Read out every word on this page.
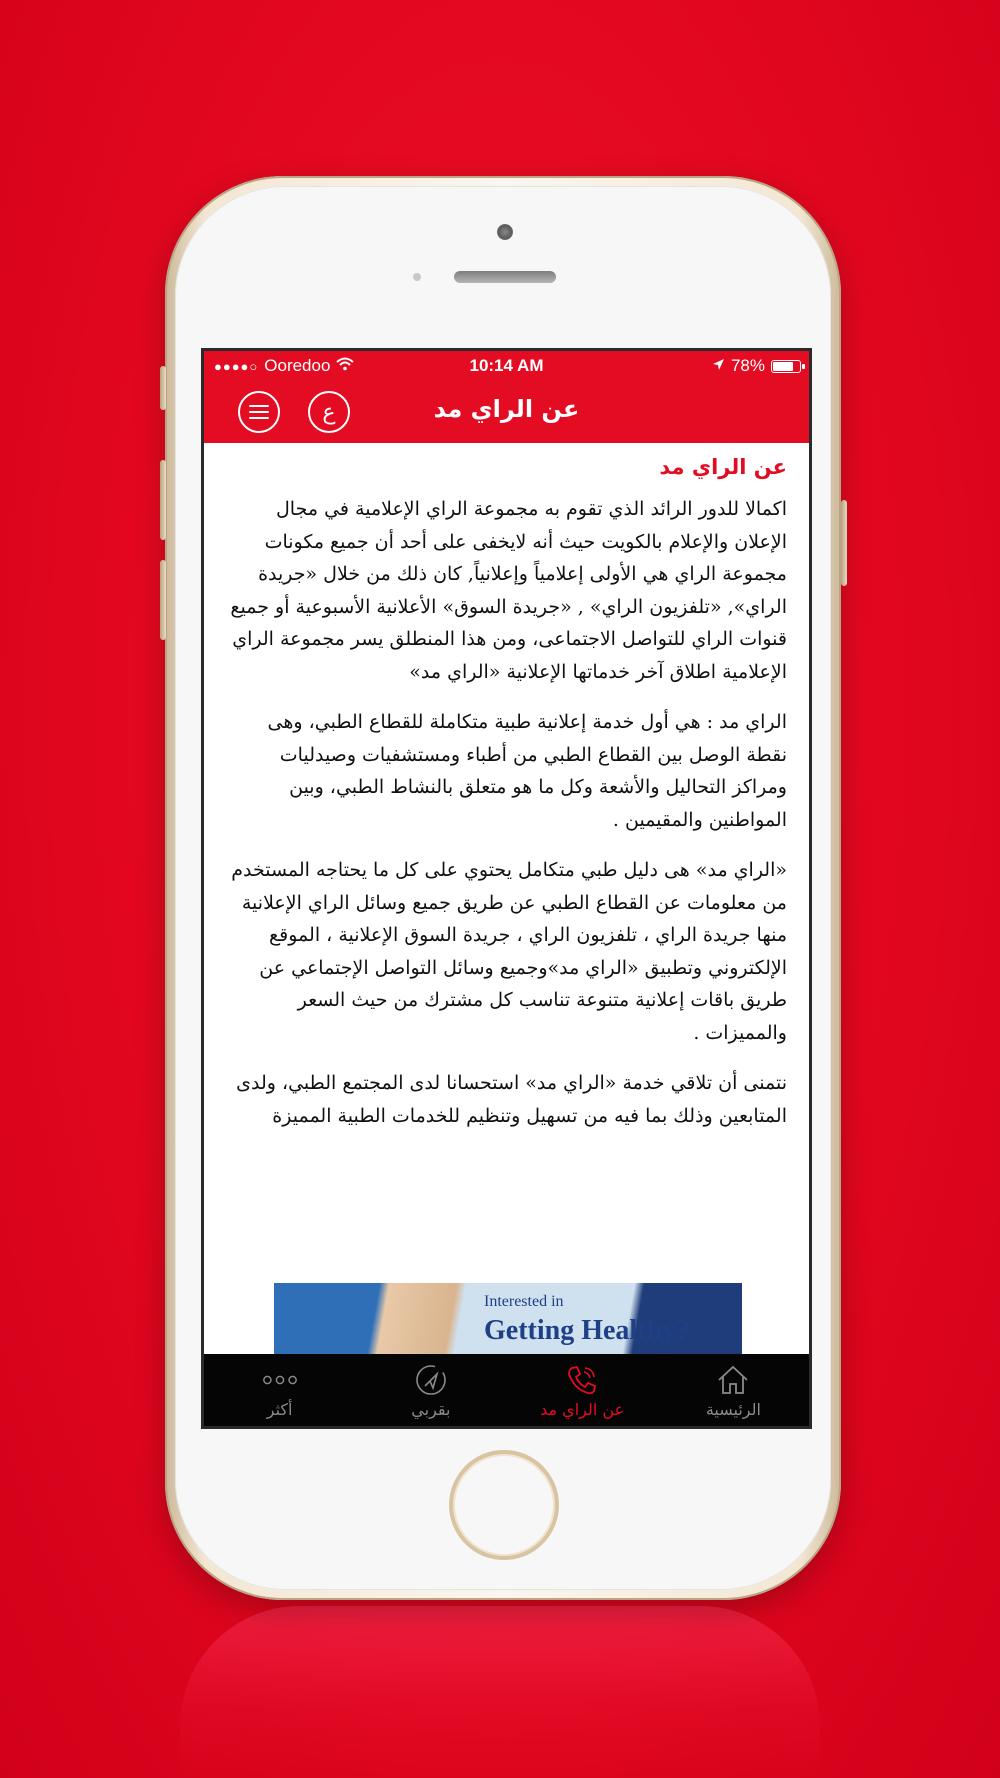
●●●●○ Ooredoo	10:14 AM	78%
ع	عن الراي مد
عن الراي مد

اكمالا للدور الرائد الذي تقوم به مجموعة الراي الإعلامية في مجال الإعلان والإعلام بالكويت حيث أنه لايخفى على أحد أن جميع مكونات مجموعة الراي هي الأولى إعلامياً وإعلانياً, كان ذلك من خلال «جريدة الراي», «تلفزيون الراي» , «جريدة السوق» الأعلانية الأسبوعية أو جميع قنوات الراي للتواصل الاجتماعى، ومن هذا المنطلق يسر مجموعة الراي الإعلامية اطلاق آخر خدماتها الإعلانية «الراي مد»

الراي مد : هي أول خدمة إعلانية طبية متكاملة للقطاع الطبي، وهى نقطة الوصل بين القطاع الطبي من أطباء ومستشفيات وصيدليات ومراكز التحاليل والأشعة وكل ما هو متعلق بالنشاط الطبي، وبين المواطنين والمقيمين .

«الراي مد» هى دليل طبي متكامل يحتوي على كل ما يحتاجه المستخدم من معلومات عن القطاع الطبي عن طريق جميع وسائل الراي الإعلانية منها جريدة الراي ، تلفزيون الراي ، جريدة السوق الإعلانية ، الموقع الإلكتروني وتطبيق «الراي مد»وجميع وسائل التواصل الإجتماعي عن طريق باقات إعلانية متنوعة تناسب كل مشترك من حيث السعر والمميزات .

نتمنى أن تلاقي خدمة «الراي مد» استحسانا لدى المجتمع الطبي، ولدى المتابعين وذلك بما فيه من تسهيل وتنظيم للخدمات الطبية المميزة

Interested in
Getting Healthy?
أكثر	بقربي	عن الراي مد	الرئيسية
